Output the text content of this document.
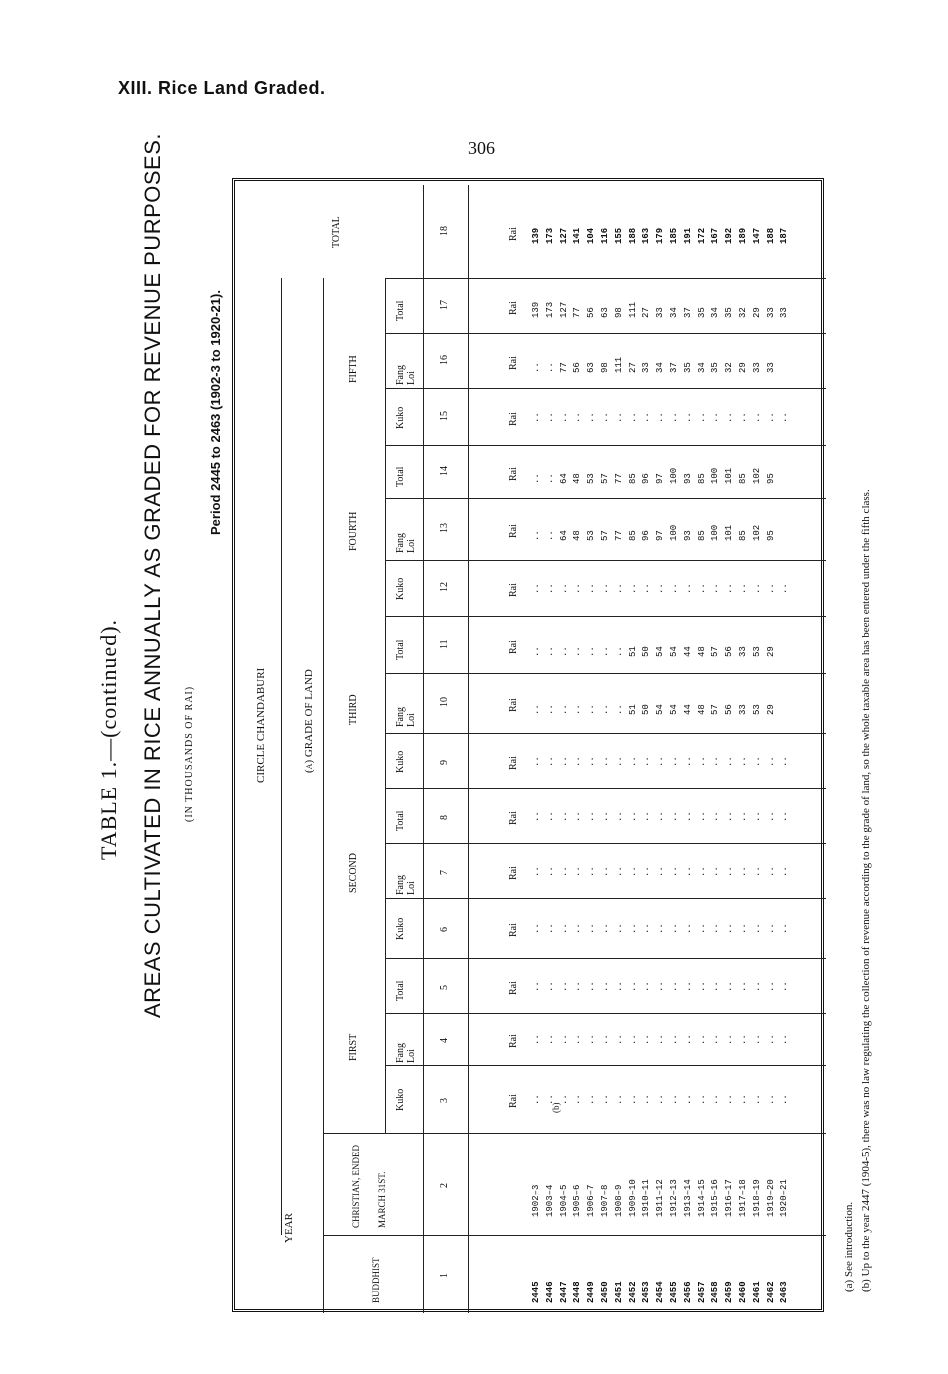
XIII. Rice Land Graded.
306
TABLE 1.—(continued). AREAS CULTIVATED IN RICE ANNUALLY AS GRADED FOR REVENUE PURPOSES. (IN THOUSANDS OF RAI)
Period 2445 to 2463 (1902-3 to 1920-21).
YEAR
BUDDHIST
CHRISTIAN, ENDED MARCH 31ST.
CIRCLE CHANDABURI	(a) GRADE OF LAND
FIRST
SECOND
THIRD
FOURTH
FIFTH
TOTAL
Kuko
Fang Loi
Total
Kuko
Fang Loi
Total
Kuko
Fang Loi
Total
Kuko
Fang Loi
Total
Kuko
Fang Loi
Total
1
2
3
4
5
6
7
8
9
10
11
12
13
14
15
16
17
18
Rai
Rai
Rai
Rai
Rai
Rai
Rai
Rai
Rai
Rai
Rai
Rai
Rai
Rai
Rai
Rai
2445 2446 2447 2448 2449 2450 2451 2452 2453 2454 2455 2456 2457 2458 2459 2460 2461 2462 2463
1902–3 1903–4 1904–5 1905–6 1906–7 1907–8 1908–9 1909–10 1910–11 1911–12 1912–13 1913–14 1914–15 1915–16 1916–17 1917–18 1918–19 1919–20 1920–21
.. .. .. .. .. .. .. .. .. .. .. .. .. .. .. .. .. .. ..
.. .. .. .. .. .. .. .. .. .. .. .. .. .. .. .. .. .. ..
.. .. .. .. .. .. .. .. .. .. .. .. .. .. .. .. .. .. ..
.. .. .. .. .. .. .. .. .. .. .. .. .. .. .. .. .. .. ..
.. .. .. .. .. .. .. .. .. .. .. .. .. .. .. .. .. .. ..
.. .. .. .. .. .. .. .. .. .. .. .. .. .. .. .. .. .. ..
.. .. .. .. .. .. .. .. .. .. .. .. .. .. .. .. .. .. ..
.. .. .. .. .. .. .. .. .. .. .. .. .. .. .. .. .. .. ..
.. .. .. .. .. .. .. .. .. .. .. .. .. .. .. .. .. .. ..
(b)
.. .. .. .. .. .. .. 51 50 54 54 44 48 57 56 33 53 29
.. .. .. .. .. .. .. 51 50 54 54 44 48 57 56 33 53 29
.. .. 64 48 53 57 77 85 96 97 100 93 85 100 101 85 102 95
.. .. 64 48 53 57 77 85 96 97 100 93 85 100 101 85 102 95
.. .. 77 56 63 98 111 27 33 34 37 35 34 35 32 29 33 33
139 173 127 77 56 63 98 111 27 33 34 37 35 34 35 32 29 33 33
139 173 127 141 104 116 155 188 163 179 185 191 172 167 192 189 147 188 187
(a) See introduction. (b) Up to the year 2447 (1904-5), there was no law regulating the collection of revenue according to the grade of land, so the whole taxable area has been entered under the fifth class.
